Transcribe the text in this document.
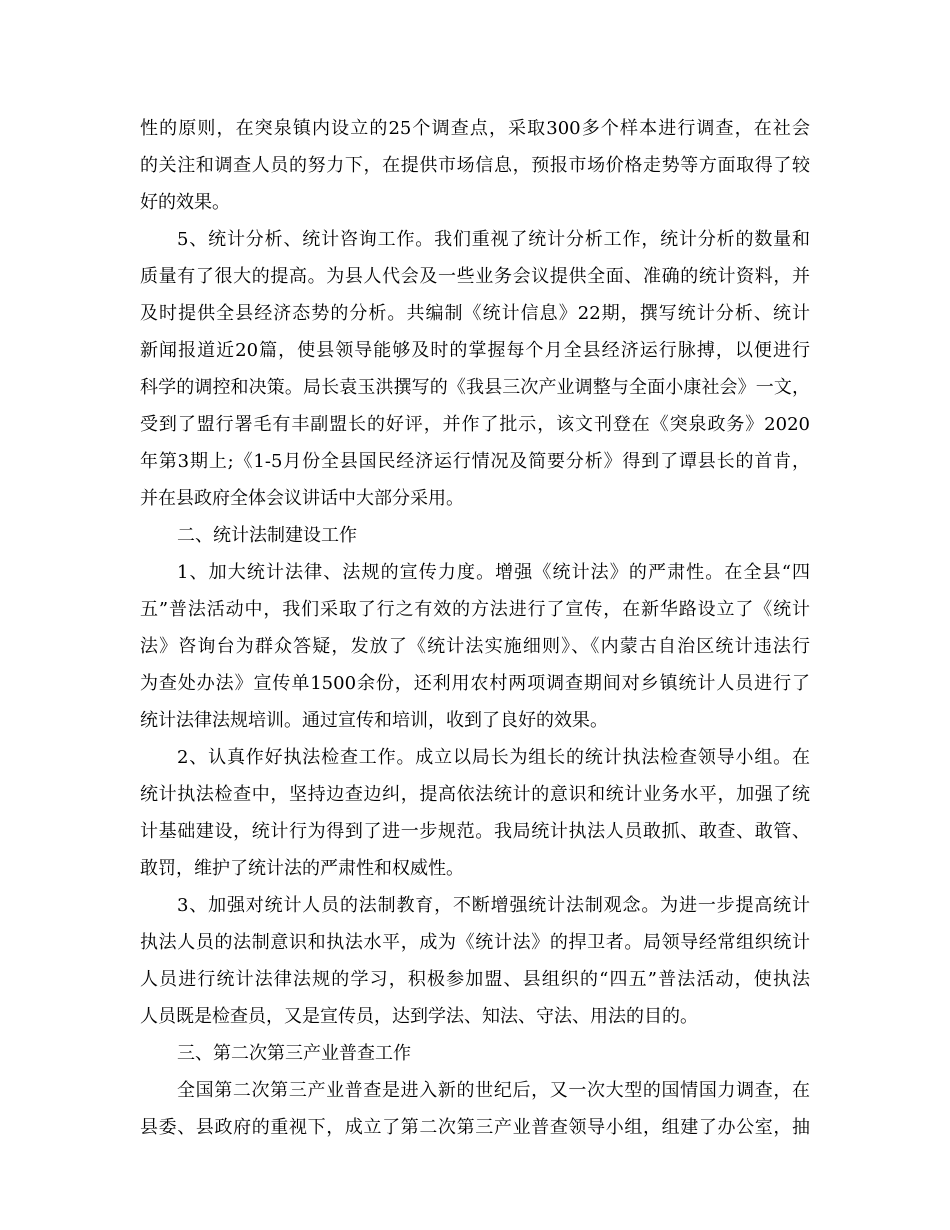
性的原则，在突泉镇内设立的25个调查点，采取300多个样本进行调查，在社会
的关注和调查人员的努力下，在提供市场信息，预报市场价格走势等方面取得了较
好的效果。
5、统计分析、统计咨询工作。我们重视了统计分析工作，统计分析的数量和
质量有了很大的提高。为县人代会及一些业务会议提供全面、准确的统计资料，并
及时提供全县经济态势的分析。共编制《统计信息》22期，撰写统计分析、统计
新闻报道近20篇，使县领导能够及时的掌握每个月全县经济运行脉搏，以便进行
科学的调控和决策。局长袁玉洪撰写的《我县三次产业调整与全面小康社会》一文，
受到了盟行署毛有丰副盟长的好评，并作了批示，该文刊登在《突泉政务》2020
年第3期上;《1-5月份全县国民经济运行情况及简要分析》得到了谭县长的首肯，
并在县政府全体会议讲话中大部分采用。
二、统计法制建设工作
1、加大统计法律、法规的宣传力度。增强《统计法》的严肃性。在全县“四
五”普法活动中，我们采取了行之有效的方法进行了宣传，在新华路设立了《统计
法》咨询台为群众答疑，发放了《统计法实施细则》、《内蒙古自治区统计违法行
为查处办法》宣传单1500余份，还利用农村两项调查期间对乡镇统计人员进行了
统计法律法规培训。通过宣传和培训，收到了良好的效果。
2、认真作好执法检查工作。成立以局长为组长的统计执法检查领导小组。在
统计执法检查中，坚持边查边纠，提高依法统计的意识和统计业务水平，加强了统
计基础建设，统计行为得到了进一步规范。我局统计执法人员敢抓、敢查、敢管、
敢罚，维护了统计法的严肃性和权威性。
3、加强对统计人员的法制教育，不断增强统计法制观念。为进一步提高统计
执法人员的法制意识和执法水平，成为《统计法》的捍卫者。局领导经常组织统计
人员进行统计法律法规的学习，积极参加盟、县组织的“四五”普法活动，使执法
人员既是检查员，又是宣传员，达到学法、知法、守法、用法的目的。
三、第二次第三产业普查工作
全国第二次第三产业普查是进入新的世纪后，又一次大型的国情国力调查，在
县委、县政府的重视下，成立了第二次第三产业普查领导小组，组建了办公室，抽
